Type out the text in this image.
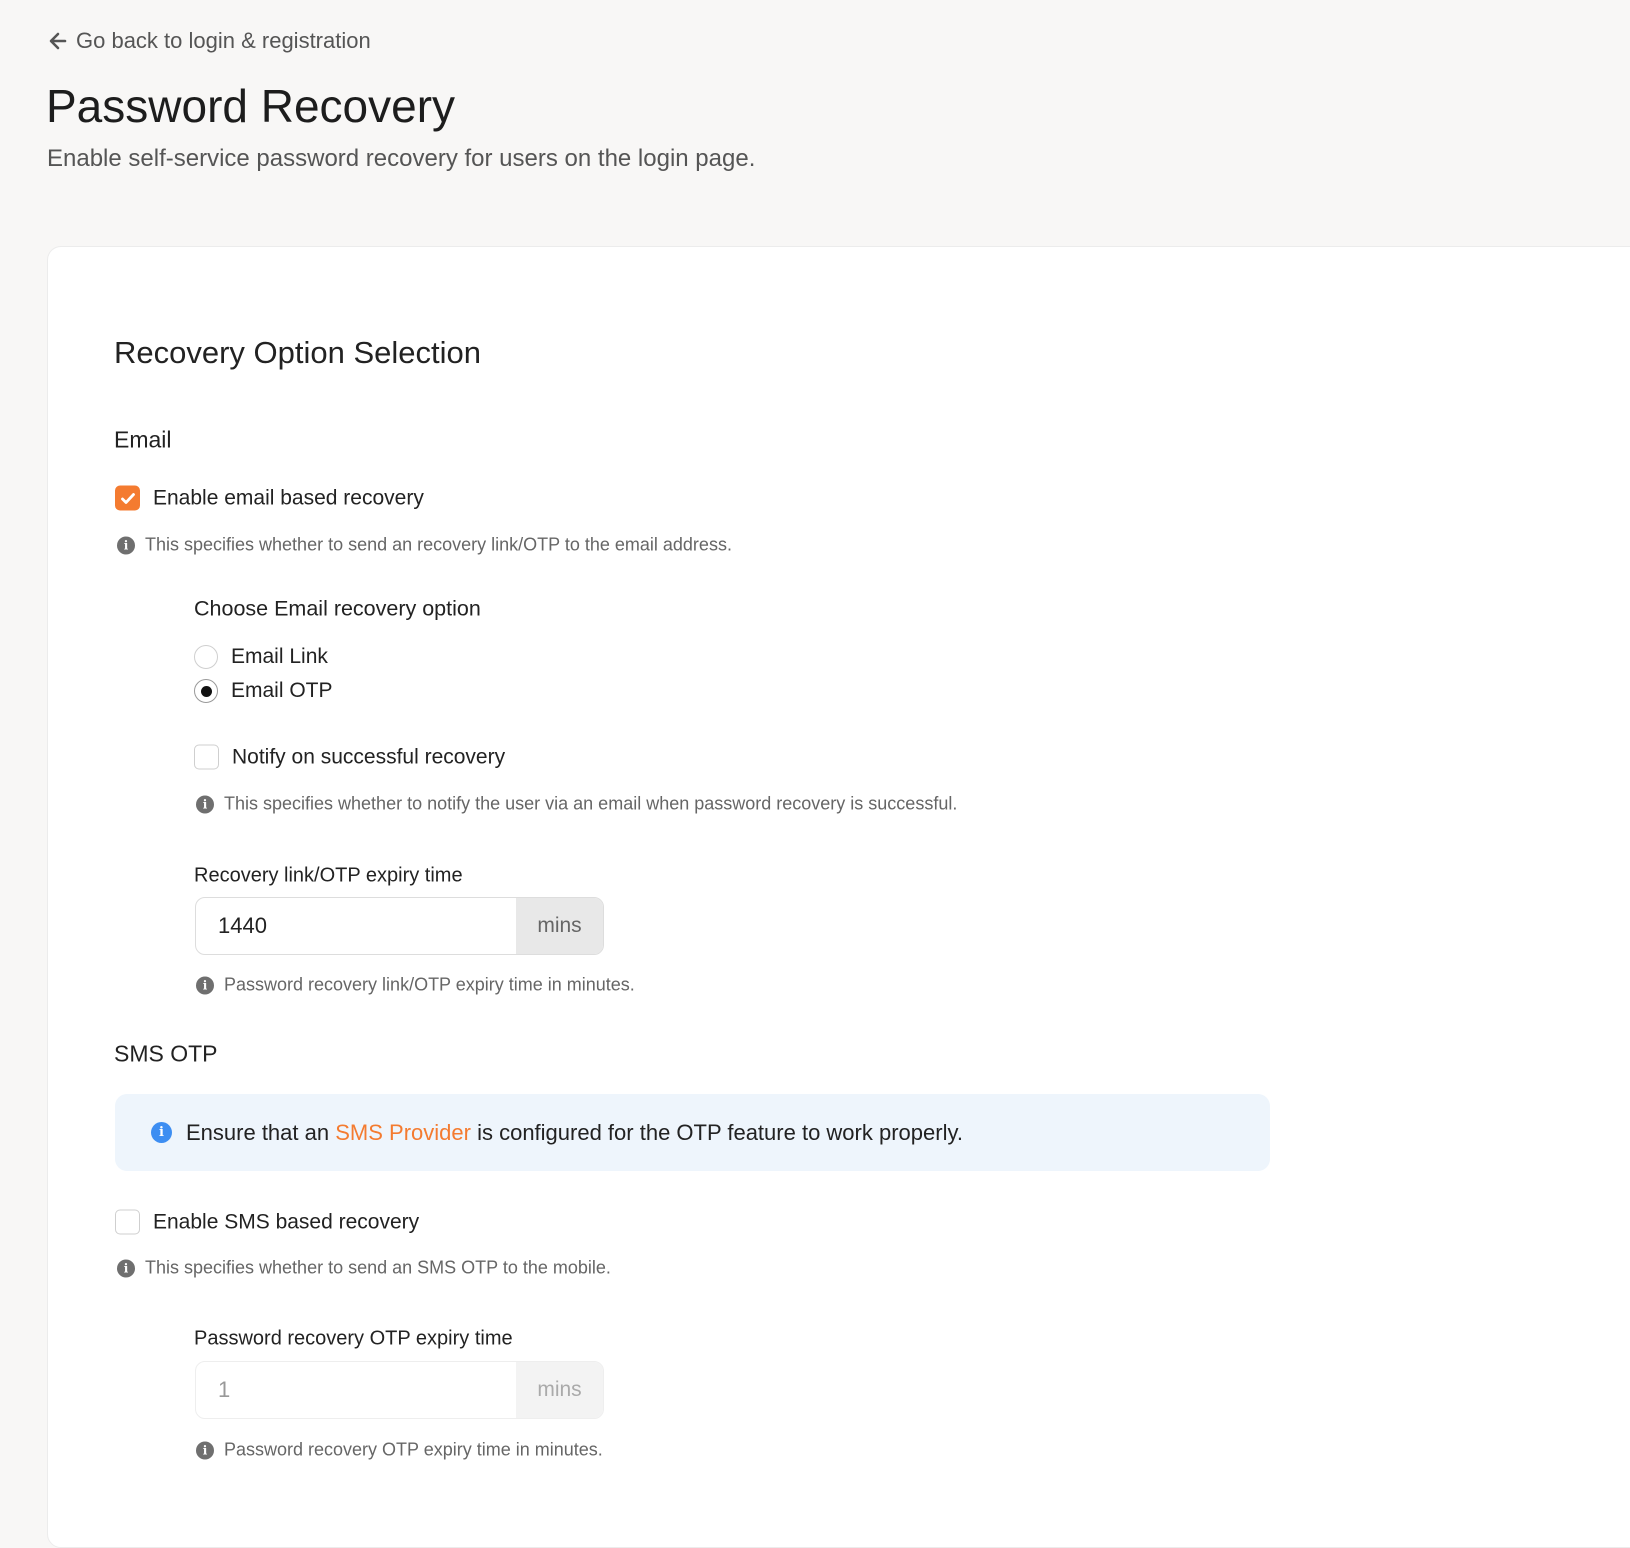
Go back to login & registration
Password Recovery
Enable self-service password recovery for users on the login page.
Recovery Option Selection
Email
Enable email based recovery
i This specifies whether to send an recovery link/OTP to the email address.
Choose Email recovery option
Email Link
Email OTP
Notify on successful recovery
i This specifies whether to notify the user via an email when password recovery is successful.
Recovery link/OTP expiry time
1440
mins
i Password recovery link/OTP expiry time in minutes.
SMS OTP
i	Ensure that an SMS Provider is configured for the OTP feature to work properly.
Enable SMS based recovery
i This specifies whether to send an SMS OTP to the mobile.
Password recovery OTP expiry time
1
mins
i Password recovery OTP expiry time in minutes.
